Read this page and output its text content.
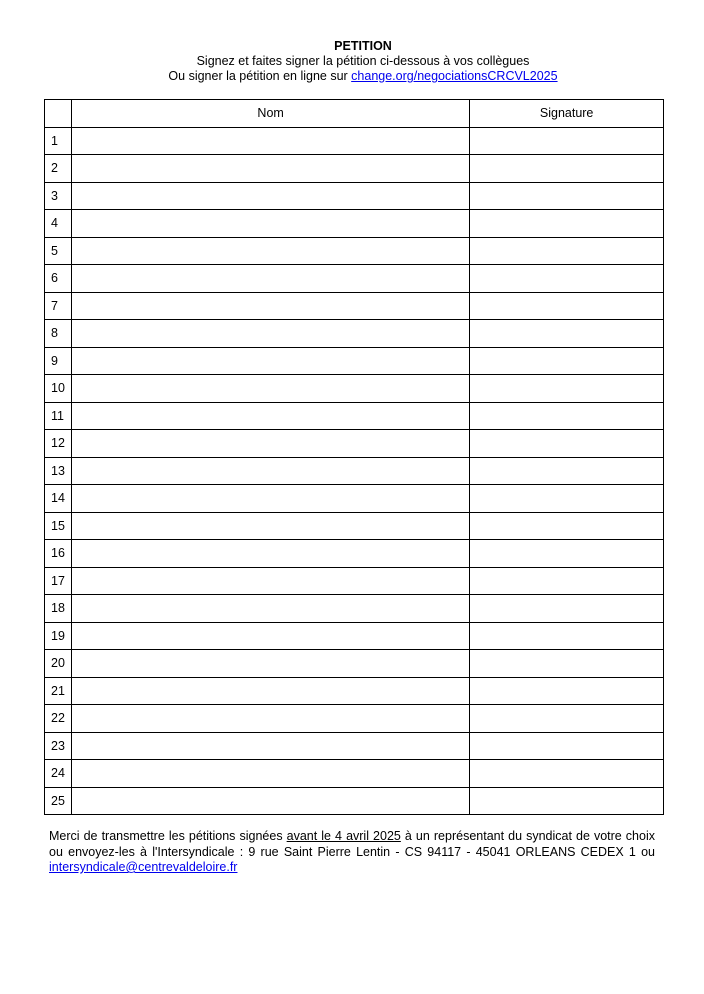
PETITION
Signez et faites signer la pétition ci-dessous à vos collègues
Ou signer la pétition en ligne sur change.org/negociationsCRCVL2025
	Nom	Signature
1		
2		
3		
4		
5		
6		
7		
8		
9		
10		
11		
12		
13		
14		
15		
16		
17		
18		
19		
20		
21		
22		
23		
24		
25		
Merci de transmettre les pétitions signées avant le 4 avril 2025 à un représentant du syndicat de votre choix ou envoyez-les à l'Intersyndicale : 9 rue Saint Pierre Lentin - CS 94117 - 45041 ORLEANS CEDEX 1 ou intersyndicale@centrevaldeloire.fr
